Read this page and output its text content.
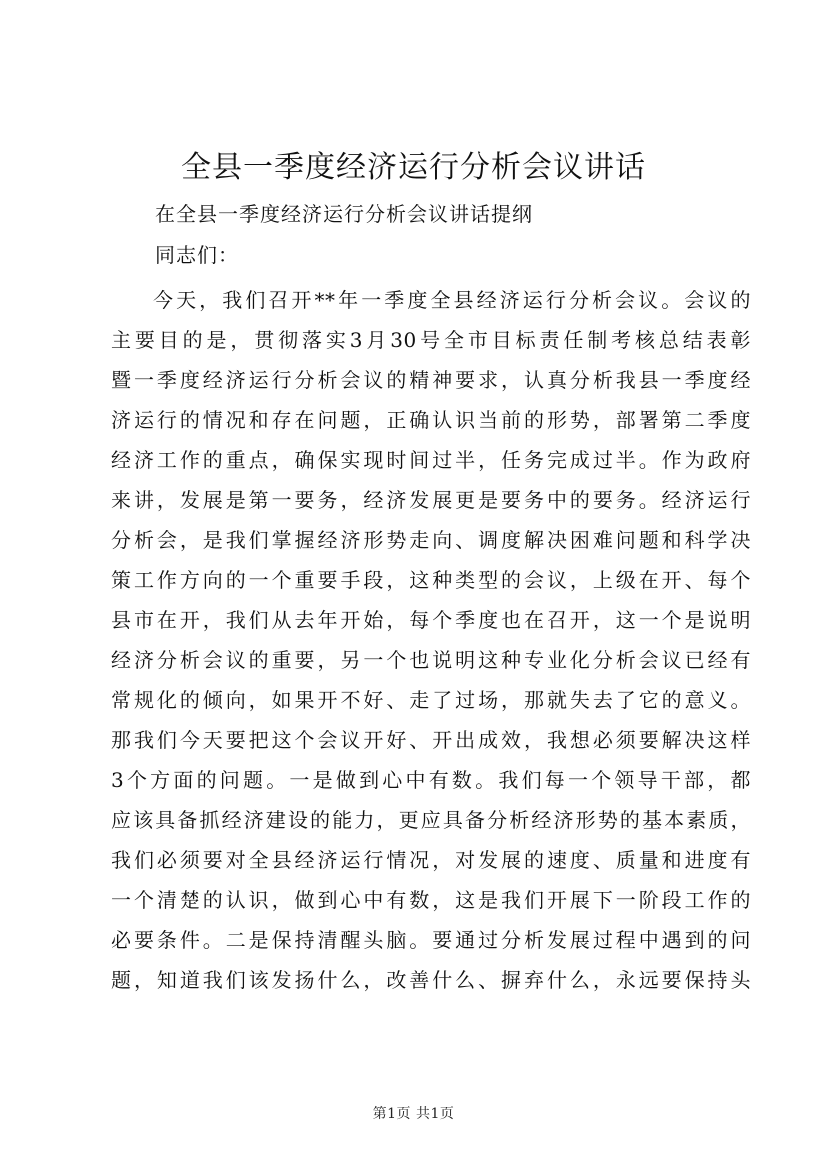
全县一季度经济运行分析会议讲话
在全县一季度经济运行分析会议讲话提纲
同志们：
今天，我们召开**年一季度全县经济运行分析会议。会议的
主要目的是，贯彻落实3月30号全市目标责任制考核总结表彰
暨一季度经济运行分析会议的精神要求，认真分析我县一季度经
济运行的情况和存在问题，正确认识当前的形势，部署第二季度
经济工作的重点，确保实现时间过半，任务完成过半。作为政府
来讲，发展是第一要务，经济发展更是要务中的要务。经济运行
分析会，是我们掌握经济形势走向、调度解决困难问题和科学决
策工作方向的一个重要手段，这种类型的会议，上级在开、每个
县市在开，我们从去年开始，每个季度也在召开，这一个是说明
经济分析会议的重要，另一个也说明这种专业化分析会议已经有
常规化的倾向，如果开不好、走了过场，那就失去了它的意义。
那我们今天要把这个会议开好、开出成效，我想必须要解决这样
3个方面的问题。一是做到心中有数。我们每一个领导干部，都
应该具备抓经济建设的能力，更应具备分析经济形势的基本素质，
我们必须要对全县经济运行情况，对发展的速度、质量和进度有
一个清楚的认识，做到心中有数，这是我们开展下一阶段工作的
必要条件。二是保持清醒头脑。要通过分析发展过程中遇到的问
题，知道我们该发扬什么，改善什么、摒弃什么，永远要保持头
第1页 共1页
